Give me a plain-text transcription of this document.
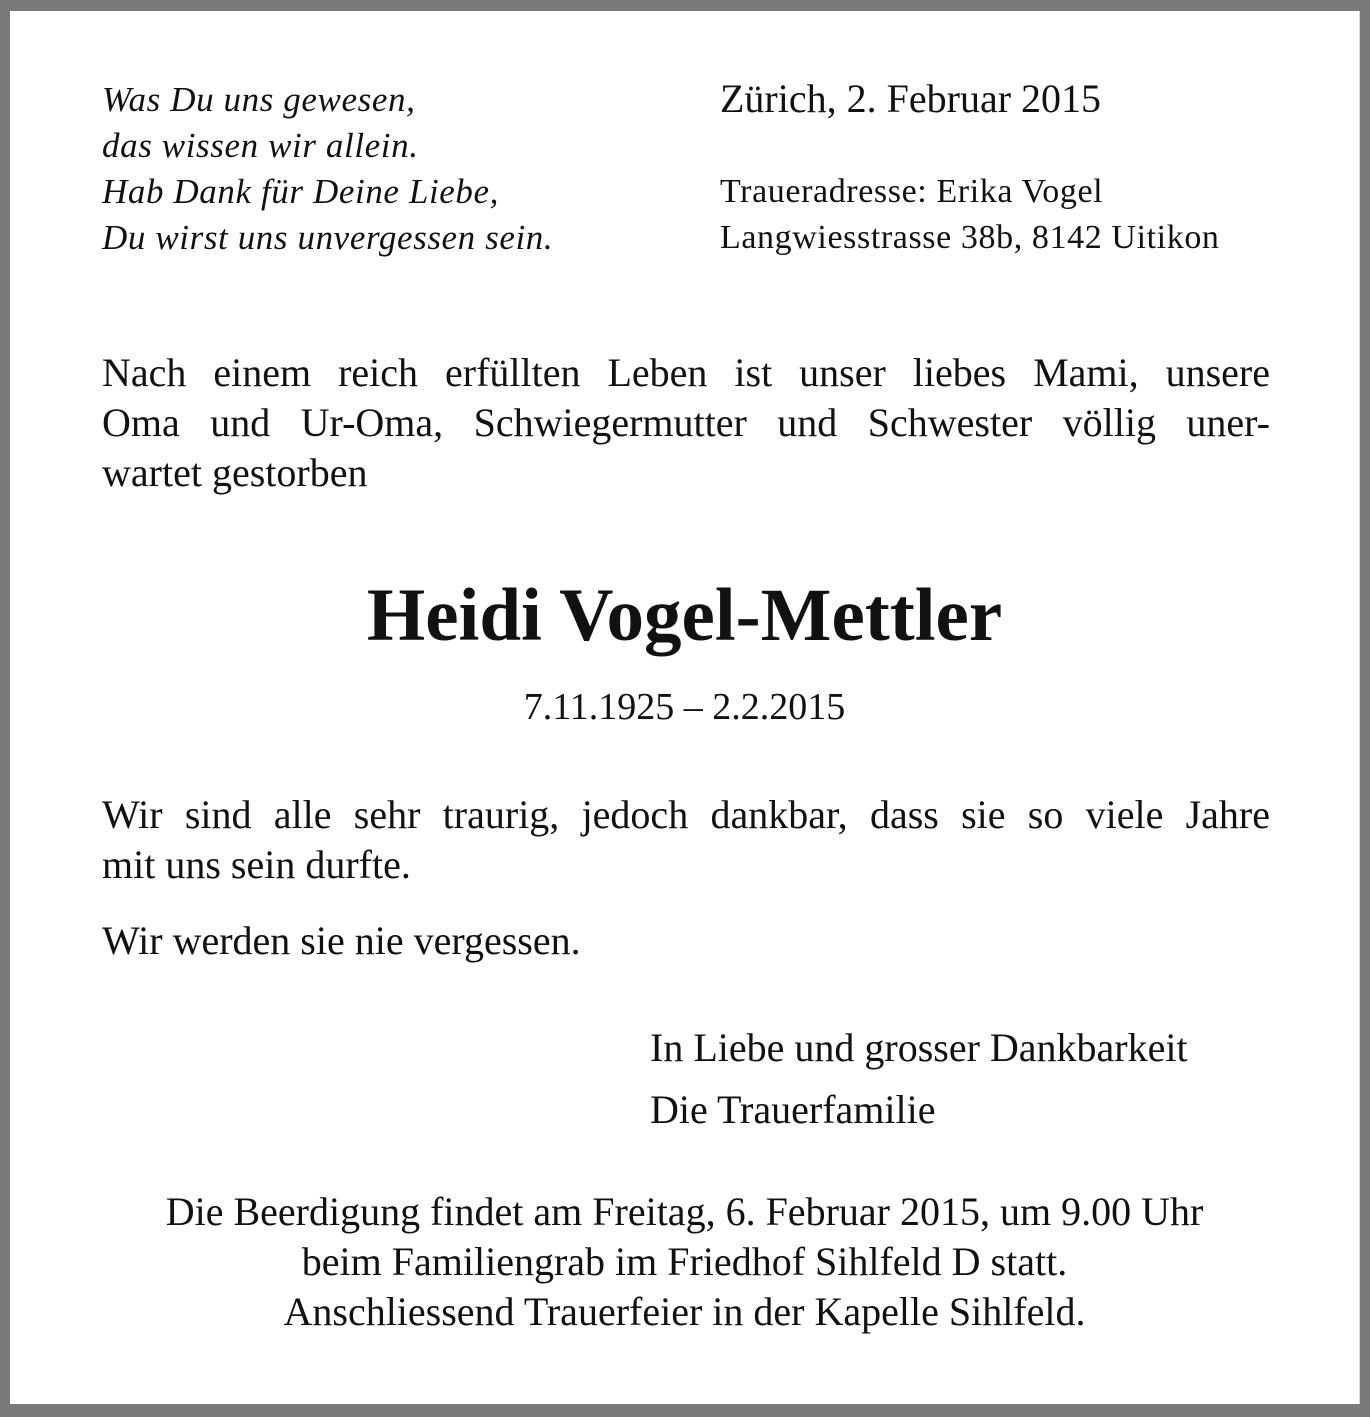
Was Du uns gewesen,
das wissen wir allein.
Hab Dank für Deine Liebe,
Du wirst uns unvergessen sein.
Zürich, 2. Februar 2015
Traueradresse: Erika Vogel
Langwiesstrasse 38b, 8142 Uitikon
Nach einem reich erfüllten Leben ist unser liebes Mami, unsere
Oma und Ur-Oma, Schwiegermutter und Schwester völlig uner-
wartet gestorben
Heidi Vogel-Mettler
7.11.1925 – 2.2.2015
Wir sind alle sehr traurig, jedoch dankbar, dass sie so viele Jahre
mit uns sein durfte.
Wir werden sie nie vergessen.
In Liebe und grosser Dankbarkeit
Die Trauerfamilie
Die Beerdigung findet am Freitag, 6. Februar 2015, um 9.00 Uhr
beim Familiengrab im Friedhof Sihlfeld D statt.
Anschliessend Trauerfeier in der Kapelle Sihlfeld.
